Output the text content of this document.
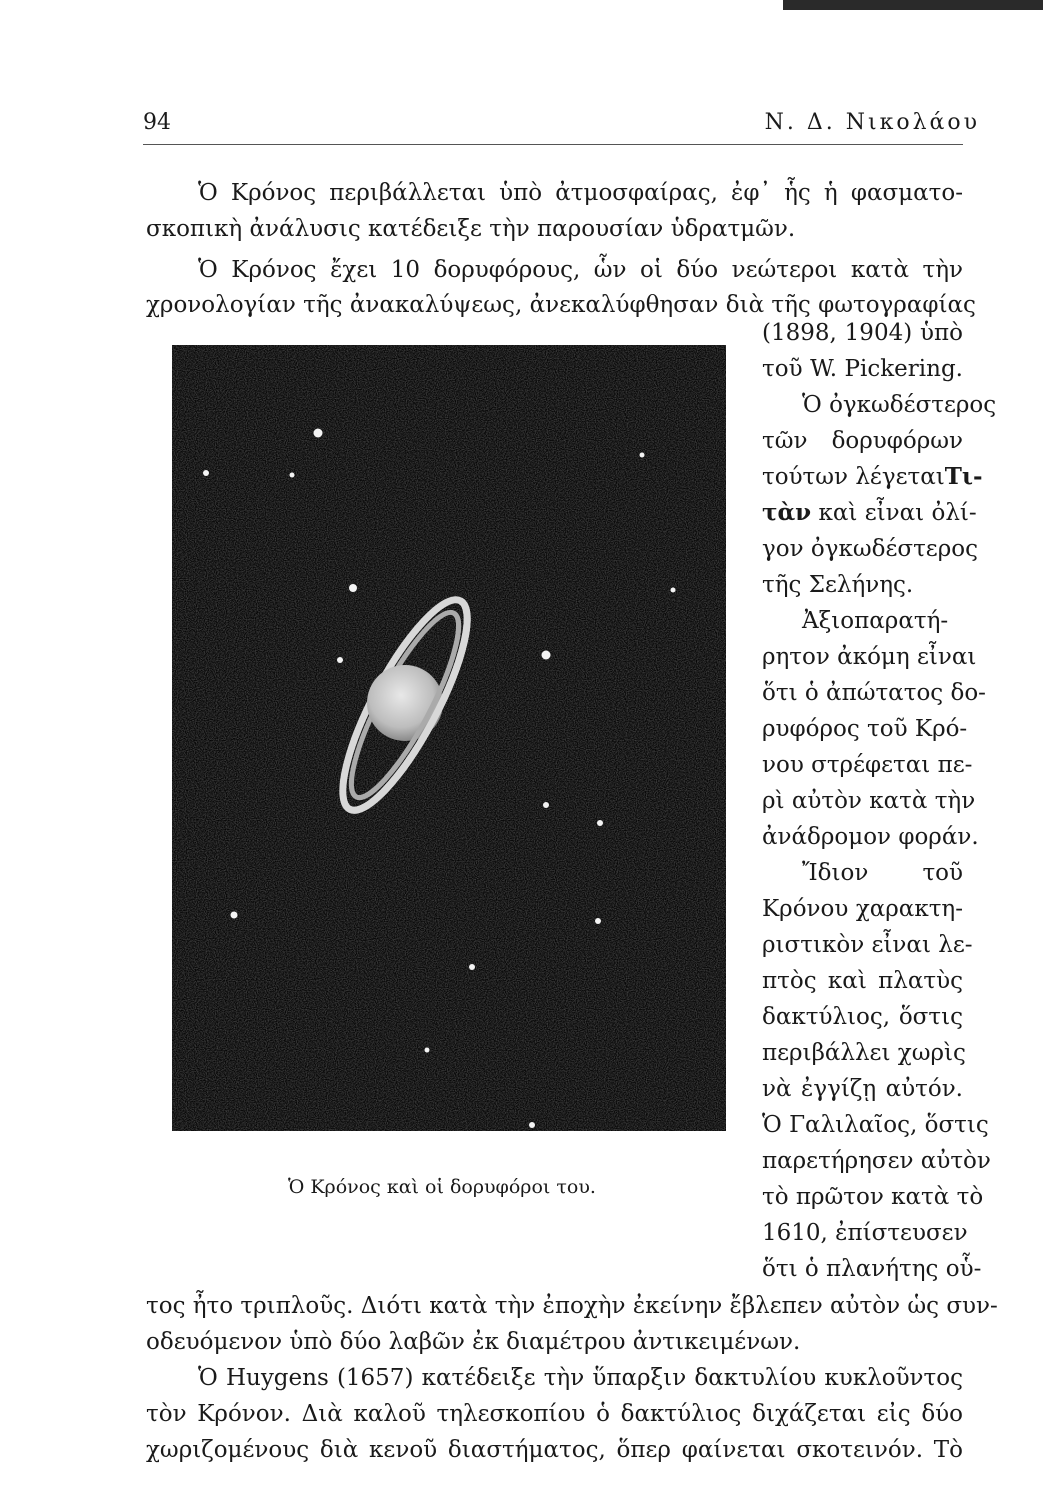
94	Ν. Δ. Νικολάου
Ὁ Κρόνος περιβάλλεται ὑπὸ ἀτμοσφαίρας, ἐφ᾽ ἧς ἡ φασματο-
σκοπικὴ ἀνάλυσις κατέδειξε τὴν παρουσίαν ὑδρατμῶν.
Ὁ Κρόνος ἔχει 10 δορυφόρους, ὧν οἱ δύο νεώτεροι κατὰ τὴν
χρονολογίαν τῆς ἀνακαλύψεως, ἀνεκαλύφθησαν διὰ τῆς φωτογραφίας
Ὁ Κρόνος καὶ οἱ δορυφόροι του.
(1898, 1904) ὑπὸ
τοῦ W. Pickering.
Ὁ ὀγκωδέστερος
τῶν δορυφόρων
τούτων λέγεταιΤι-
τὰν καὶ εἶναι ὀλί-
γον ὀγκωδέστερος
τῆς Σελήνης.
Ἀξιοπαρατή-
ρητον ἀκόμη εἶναι
ὅτι ὁ ἀπώτατος δο-
ρυφόρος τοῦ Κρό-
νου στρέφεται πε-
ρὶ αὐτὸν κατὰ τὴν
ἀνάδρομον φοράν.
Ἴδιον τοῦ
Κρόνου χαρακτη-
ριστικὸν εἶναι λε-
πτὸς καὶ πλατὺς
δακτύλιος, ὅστις
περιβάλλει χωρὶς
νὰ ἐγγίζῃ αὐτόν.
Ὁ Γαλιλαῖος, ὅστις
παρετήρησεν αὐτὸν
τὸ πρῶτον κατὰ τὸ
1610, ἐπίστευσεν
ὅτι ὁ πλανήτης οὗ-
τος ἦτο τριπλοῦς. Διότι κατὰ τὴν ἐποχὴν ἐκείνην ἔβλεπεν αὐτὸν ὡς συν-
οδευόμενον ὑπὸ δύο λαβῶν ἐκ διαμέτρου ἀντικειμένων.
Ὁ Huygens (1657) κατέδειξε τὴν ὕπαρξιν δακτυλίου κυκλοῦντος
τὸν Κρόνον. Διὰ καλοῦ τηλεσκοπίου ὁ δακτύλιος διχάζεται εἰς δύο
χωριζομένους διὰ κενοῦ διαστήματος, ὅπερ φαίνεται σκοτεινόν. Τὸ
